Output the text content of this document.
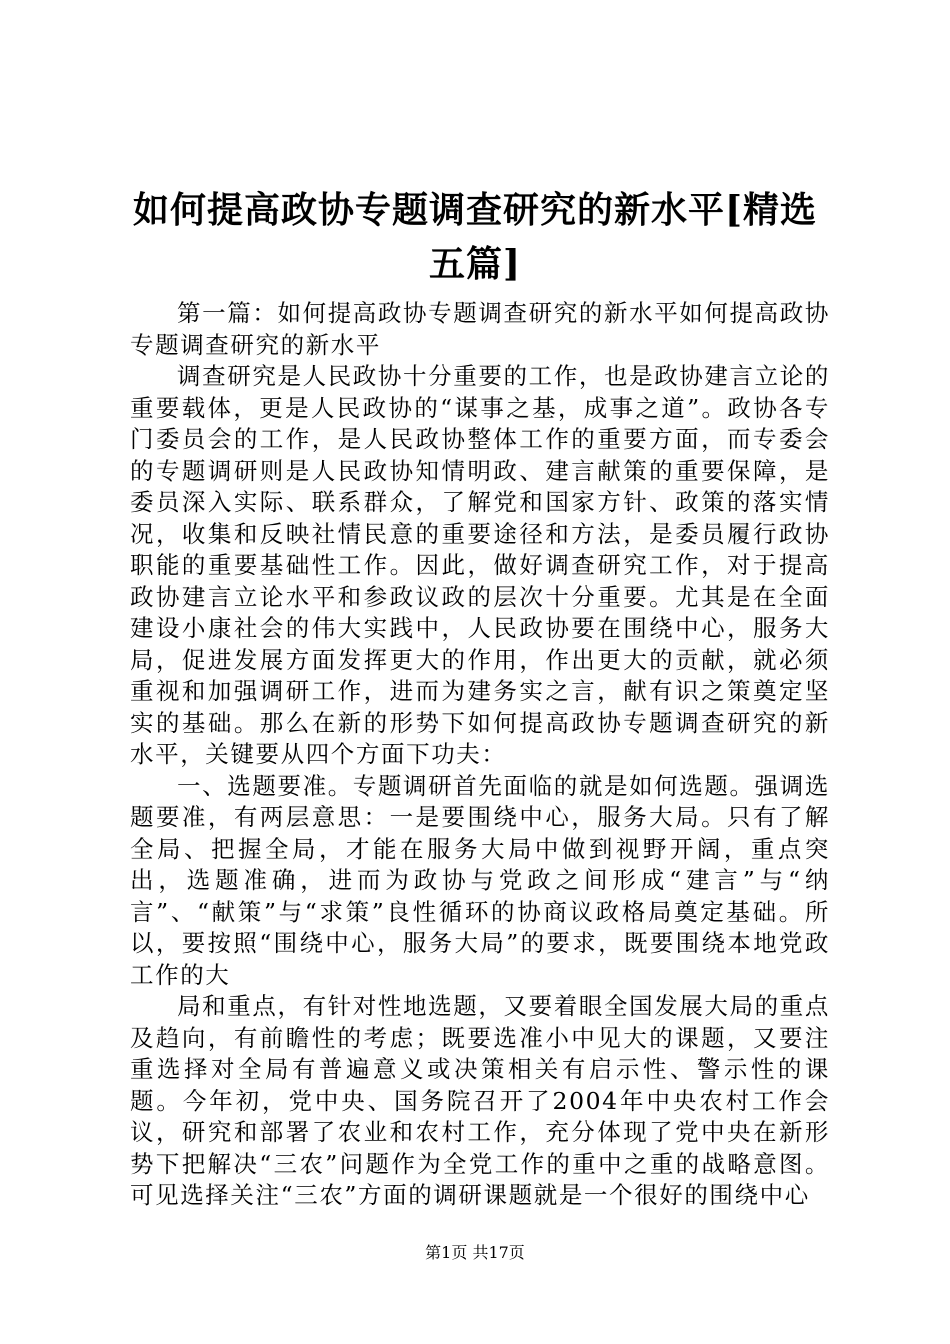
如何提高政协专题调查研究的新水平[精选五篇]

第一篇：如何提高政协专题调查研究的新水平如何提高政协专题调查研究的新水平

调查研究是人民政协十分重要的工作，也是政协建言立论的重要载体，更是人民政协的“谋事之基，成事之道”。政协各专门委员会的工作，是人民政协整体工作的重要方面，而专委会的专题调研则是人民政协知情明政、建言献策的重要保障，是委员深入实际、联系群众，了解党和国家方针、政策的落实情况，收集和反映社情民意的重要途径和方法，是委员履行政协职能的重要基础性工作。因此，做好调查研究工作，对于提高政协建言立论水平和参政议政的层次十分重要。尤其是在全面建设小康社会的伟大实践中，人民政协要在围绕中心，服务大局，促进发展方面发挥更大的作用，作出更大的贡献，就必须重视和加强调研工作，进而为建务实之言，献有识之策奠定坚实的基础。那么在新的形势下如何提高政协专题调查研究的新水平，关键要从四个方面下功夫：

一、选题要准。专题调研首先面临的就是如何选题。强调选题要准，有两层意思：一是要围绕中心，服务大局。只有了解全局、把握全局，才能在服务大局中做到视野开阔，重点突出，选题准确，进而为政协与党政之间形成“建言”与“纳言”、“献策”与“求策”良性循环的协商议政格局奠定基础。所以，要按照“围绕中心，服务大局”的要求，既要围绕本地党政工作的大

局和重点，有针对性地选题，又要着眼全国发展大局的重点及趋向，有前瞻性的考虑；既要选准小中见大的课题，又要注重选择对全局有普遍意义或决策相关有启示性、警示性的课题。今年初，党中央、国务院召开了2004年中央农村工作会议，研究和部署了农业和农村工作，充分体现了党中央在新形势下把解决“三农”问题作为全党工作的重中之重的战略意图。可见选择关注“三农”方面的调研课题就是一个很好的围绕中心

第1页 共17页
